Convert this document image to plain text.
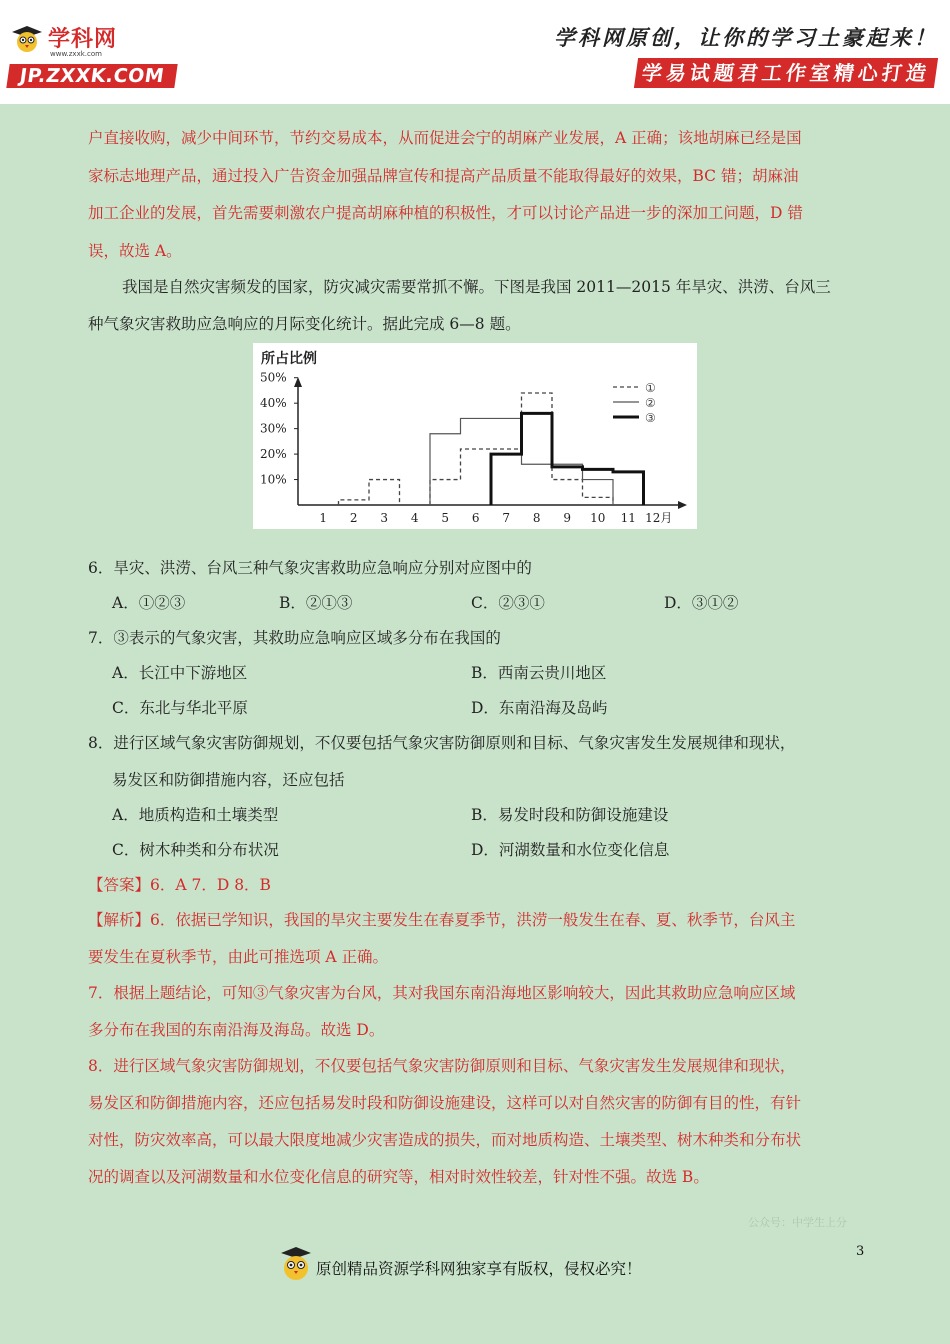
学科网
www.zxxk.com
JP.ZXXK.COM
学科网原创，让你的学习土豪起来！
学易试题君工作室精心打造
户直接收购，减少中间环节，节约交易成本，从而促进会宁的胡麻产业发展，A 正确；该地胡麻已经是国
家标志地理产品，通过投入广告资金加强品牌宣传和提高产品质量不能取得最好的效果，BC 错；胡麻油
加工企业的发展，首先需要刺激农户提高胡麻种植的积极性，才可以讨论产品进一步的深加工问题，D 错
误，故选 A。
我国是自然灾害频发的国家，防灾减灾需要常抓不懈。下图是我国 2011—2015 年旱灾、洪涝、台风三
种气象灾害救助应急响应的月际变化统计。据此完成 6—8 题。
6．旱灾、洪涝、台风三种气象灾害救助应急响应分别对应图中的
A．①②③	B．②①③	C．②③①	D．③①②
7．③表示的气象灾害，其救助应急响应区域多分布在我国的
A．长江中下游地区	B．西南云贵川地区
C．东北与华北平原	D．东南沿海及岛屿
8．进行区域气象灾害防御规划，不仅要包括气象灾害防御原则和目标、气象灾害发生发展规律和现状，
易发区和防御措施内容，还应包括
A．地质构造和土壤类型	B．易发时段和防御设施建设
C．树木种类和分布状况	D．河湖数量和水位变化信息
【答案】6．A 7．D 8．B
【解析】6．依据已学知识，我国的旱灾主要发生在春夏季节，洪涝一般发生在春、夏、秋季节，台风主
要发生在夏秋季节，由此可推选项 A 正确。
7．根据上题结论，可知③气象灾害为台风，其对我国东南沿海地区影响较大，因此其救助应急响应区域
多分布在我国的东南沿海及海岛。故选 D。
8．进行区域气象灾害防御规划，不仅要包括气象灾害防御原则和目标、气象灾害发生发展规律和现状，
易发区和防御措施内容，还应包括易发时段和防御设施建设，这样可以对自然灾害的防御有目的性，有针
对性，防灾效率高，可以最大限度地减少灾害造成的损失，而对地质构造、土壤类型、树木种类和分布状
况的调查以及河湖数量和水位变化信息的研究等，相对时效性较差，针对性不强。故选 B。
所占比例
10%
20%
30%
40%
50%
1 2 3 4 5 6 7 8 9 10 11 12月
①
②
③
公众号：中学生上分
原创精品资源学科网独家享有版权，侵权必究！
3
